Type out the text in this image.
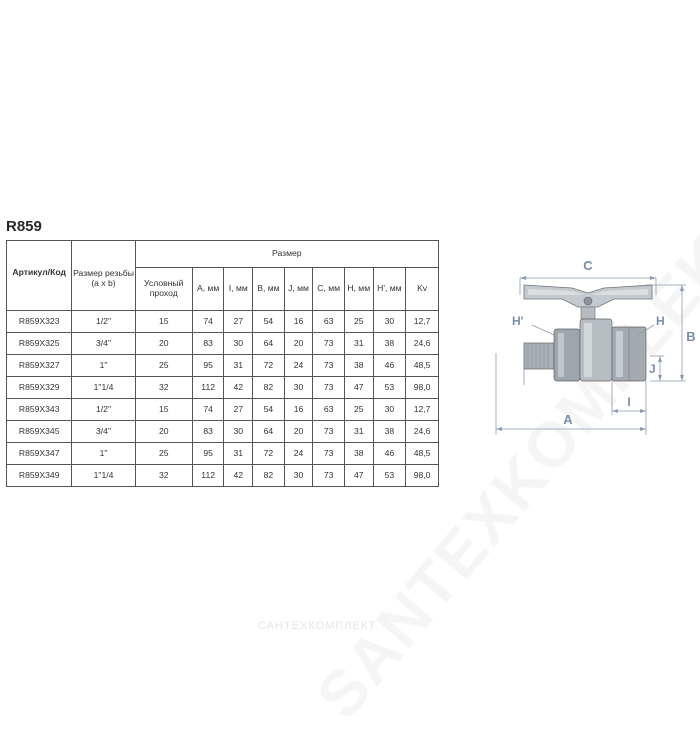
R859
Артикул/Код	Размер резьбы (a x b)	Размер								
		Условный проход	A, мм	I, мм	B, мм	J, мм	C, мм	H, мм	H', мм	Kv
R859X323	1/2"	15	74	27	54	16	63	25	30	12,7
R859X325	3/4"	20	83	30	64	20	73	31	38	24,6
R859X327	1"	25	95	31	72	24	73	38	46	48,5
R859X329	1"1/4	32	112	42	82	30	73	47	53	98,0
R859X343	1/2"	15	74	27	54	16	63	25	30	12,7
R859X345	3/4"	20	83	30	64	20	73	31	38	24,6
R859X347	1"	25	95	31	72	24	73	38	46	48,5
R859X349	1"1/4	32	112	42	82	30	73	47	53	98,0
C
B
H'	H
J
I
A
САНТЕХКОМПЛЕКТ
